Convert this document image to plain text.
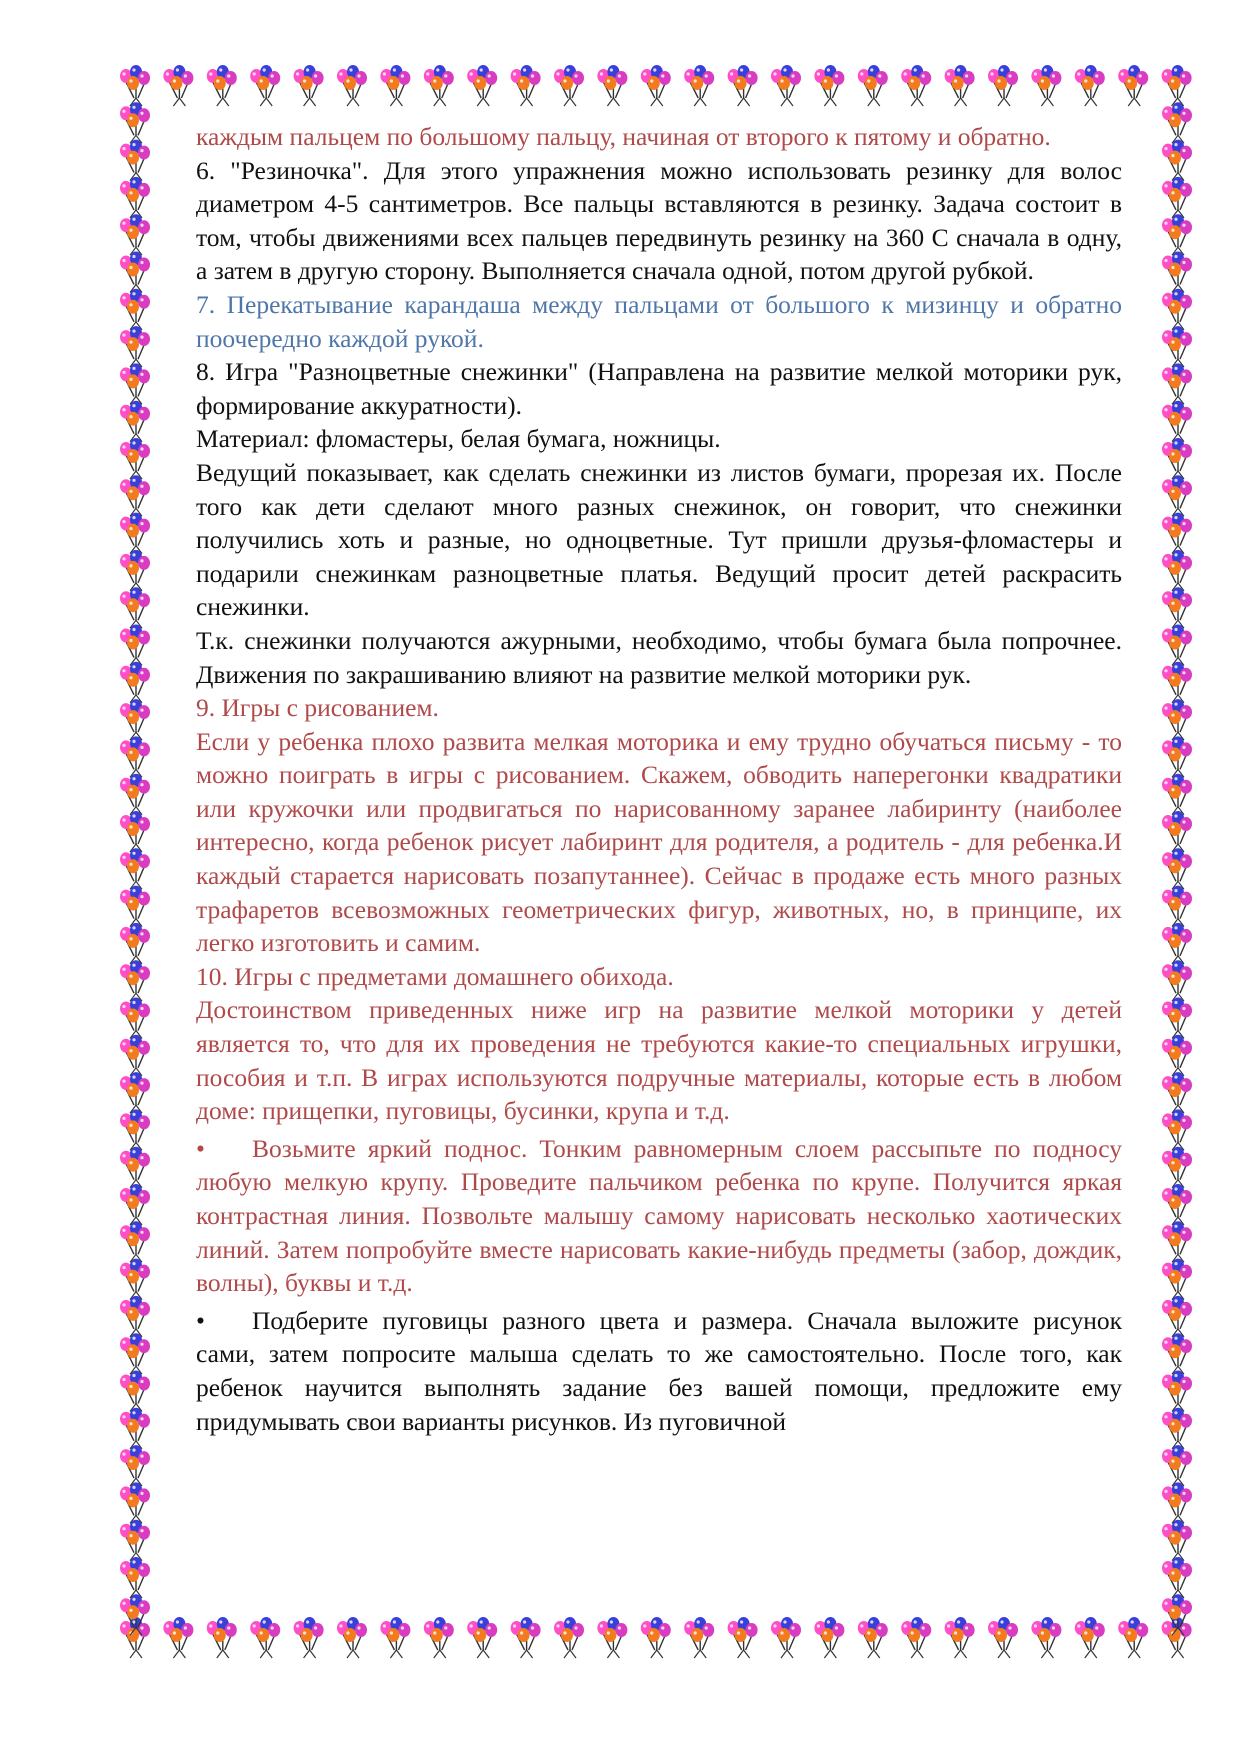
каждым пальцем по большому пальцу, начиная от второго к пятому и обратно.

6. "Резиночка". Для этого упражнения можно использовать резинку для волос диаметром 4-5 сантиметров. Все пальцы вставляются в резинку. Задача состоит в том, чтобы движениями всех пальцев передвинуть резинку на 360 С сначала в одну, а затем в другую сторону. Выполняется сначала одной, потом другой рубкой.

7. Перекатывание карандаша между пальцами от большого к мизинцу и обратно поочередно каждой рукой.

8. Игра "Разноцветные снежинки" (Направлена на развитие мелкой моторики рук, формирование аккуратности).

Материал: фломастеры, белая бумага, ножницы.

Ведущий показывает, как сделать снежинки из листов бумаги, прорезая их. После того как дети сделают много разных снежинок, он говорит, что снежинки получились хоть и разные, но одноцветные. Тут пришли друзья-фломастеры и подарили снежинкам разноцветные платья. Ведущий просит детей раскрасить снежинки.

Т.к. снежинки получаются ажурными, необходимо, чтобы бумага была попрочнее. Движения по закрашиванию влияют на развитие мелкой моторики рук.

9. Игры с рисованием.

Если у ребенка плохо развита мелкая моторика и ему трудно обучаться письму - то можно поиграть в игры с рисованием. Скажем, обводить наперегонки квадратики или кружочки или продвигаться по нарисованному заранее лабиринту (наиболее интересно, когда ребенок рисует лабиринт для родителя, а родитель - для ребенка.И каждый старается нарисовать позапутаннее). Сейчас в продаже есть много разных трафаретов всевозможных геометрических фигур, животных, но, в принципе, их легко изготовить и самим.

10. Игры с предметами домашнего обихода.

Достоинством приведенных ниже игр на развитие мелкой моторики у детей является то, что для их проведения не требуются какие-то специальных игрушки, пособия и т.п. В играх используются подручные материалы, которые есть в любом доме: прищепки, пуговицы, бусинки, крупа и т.д.

• Возьмите яркий поднос. Тонким равномерным слоем рассыпьте по подносу любую мелкую крупу. Проведите пальчиком ребенка по крупе. Получится яркая контрастная линия. Позвольте малышу самому нарисовать несколько хаотических линий. Затем попробуйте вместе нарисовать какие-нибудь предметы (забор, дождик, волны), буквы и т.д.

• Подберите пуговицы разного цвета и размера. Сначала выложите рисунок сами, затем попросите малыша сделать то же самостоятельно. После того, как ребенок научится выполнять задание без вашей помощи, предложите ему придумывать свои варианты рисунков. Из пуговичной
